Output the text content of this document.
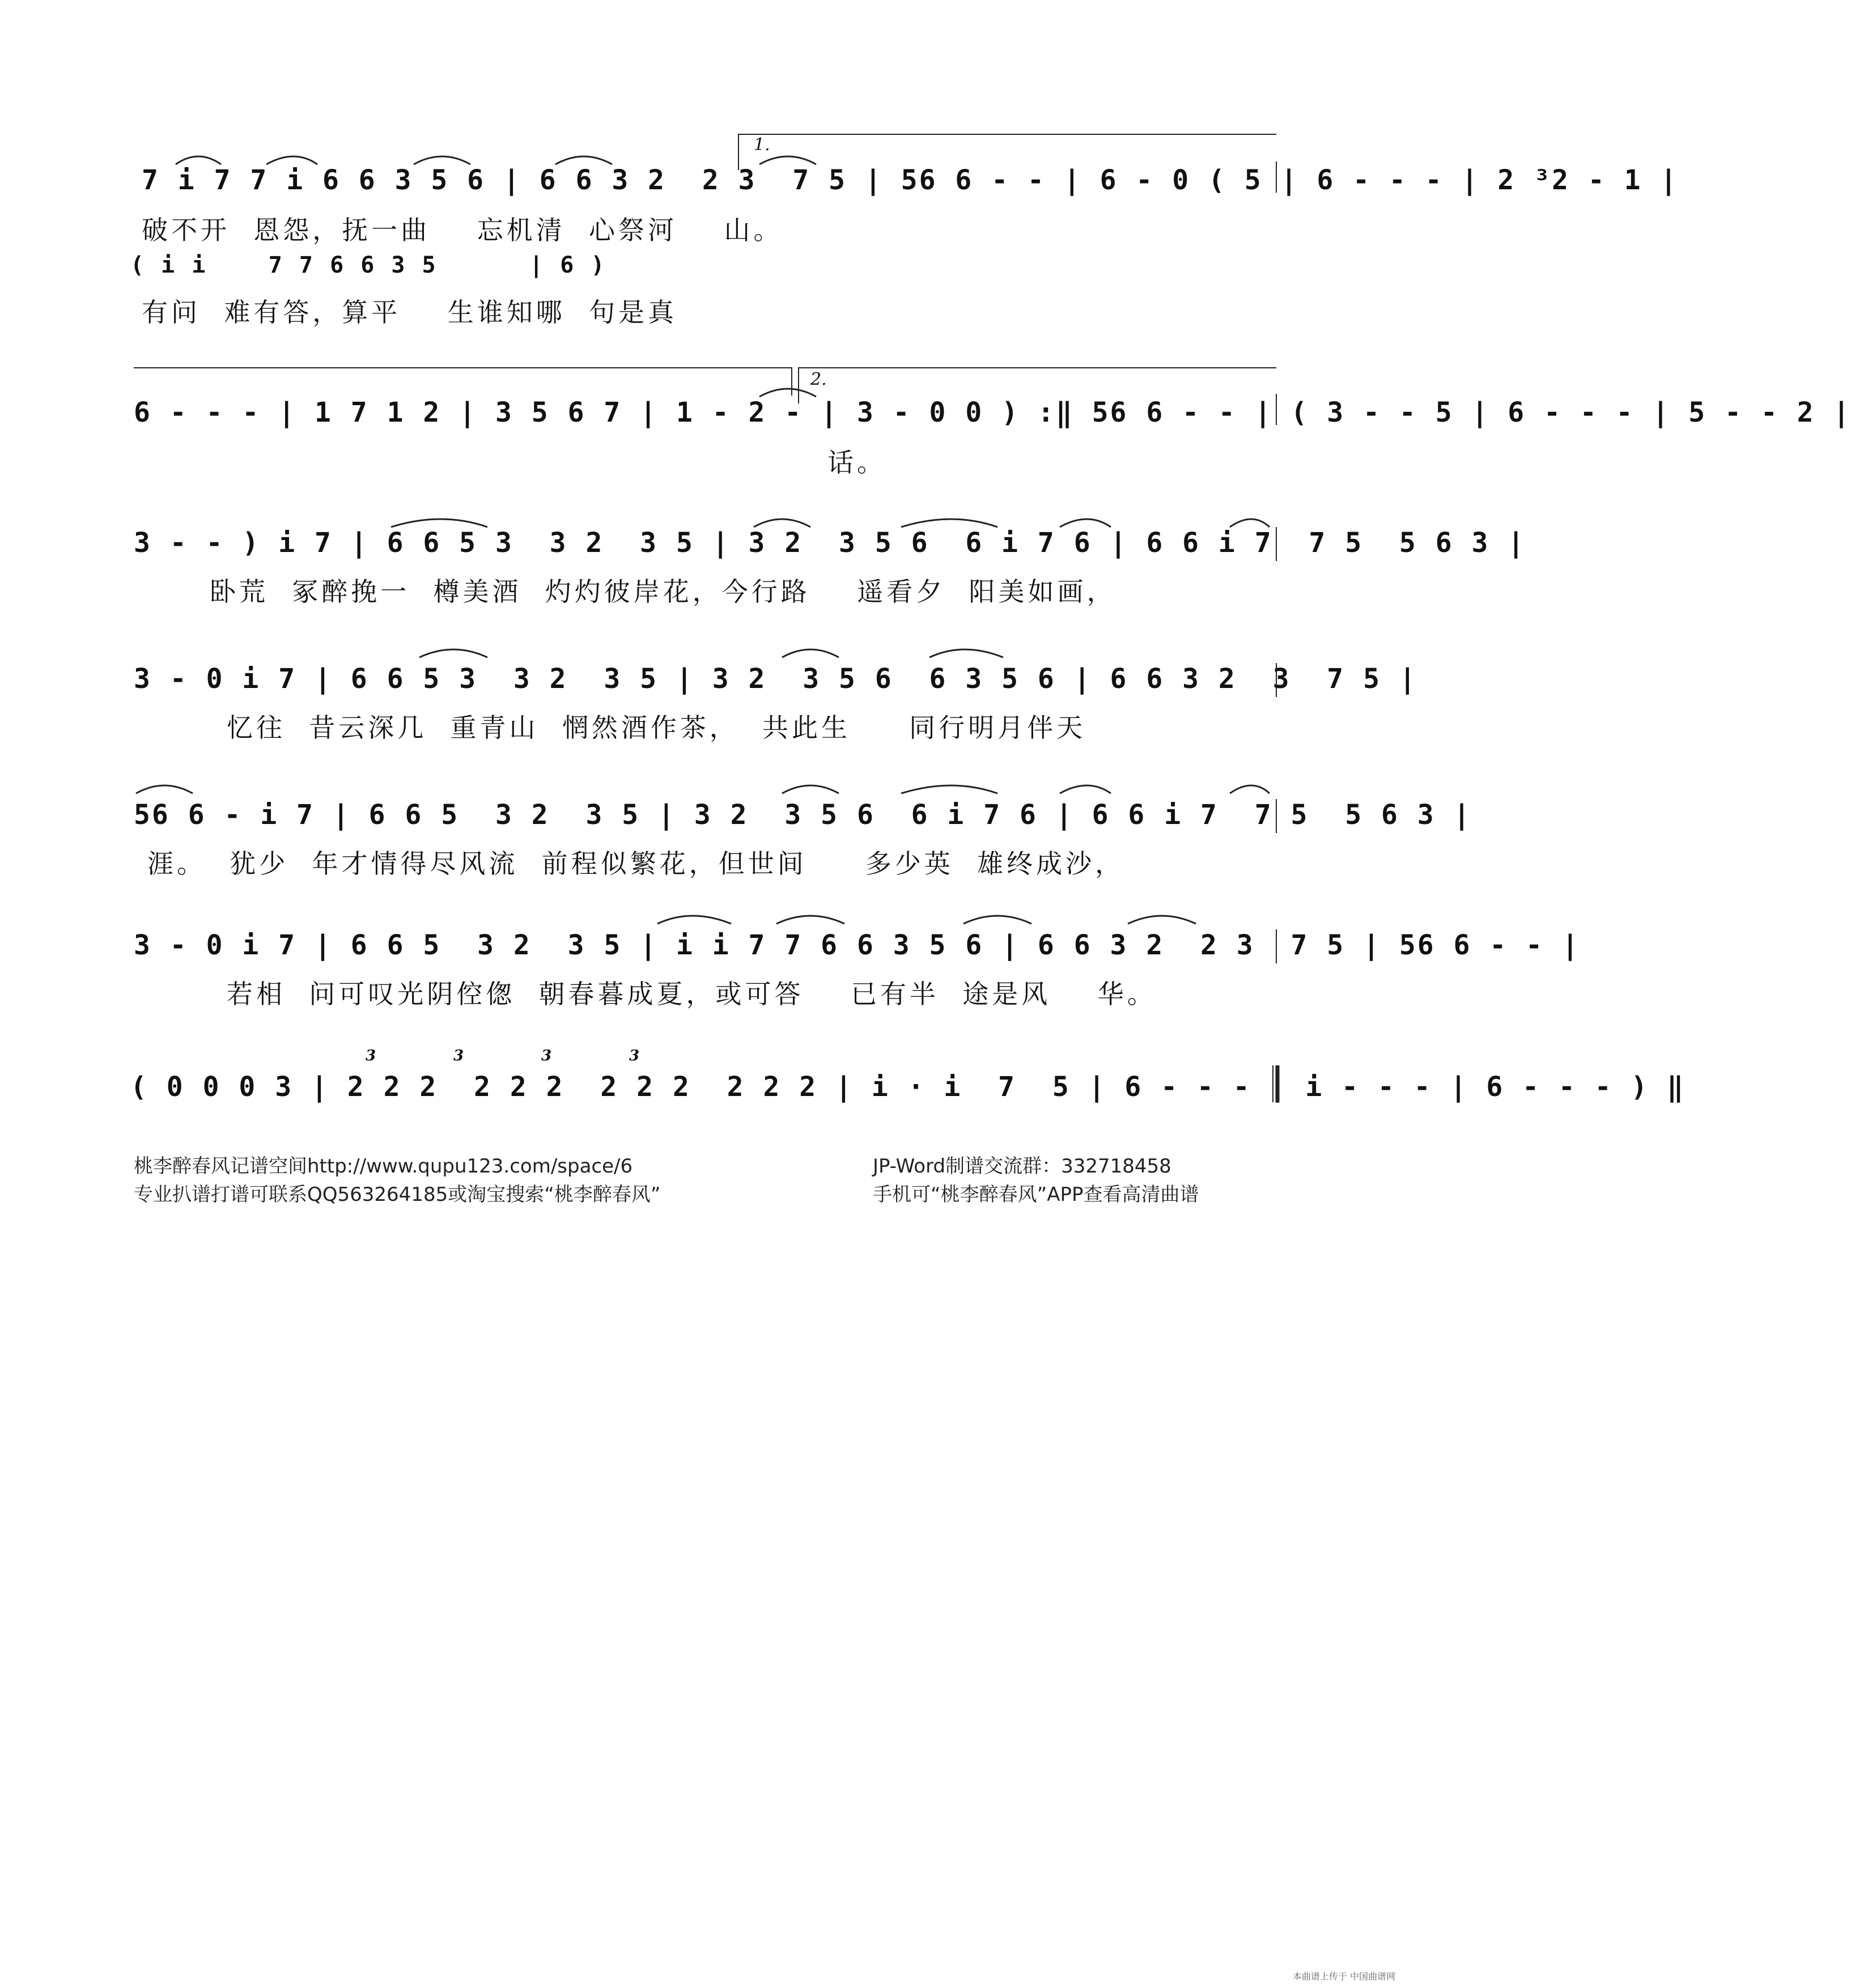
1.
7 i 7 7 i 6 6 3 5 6 | 6 6 3 2  2 3  7 5 | 56 6 - - | 6 - 0 ( 5 | 6 - - - | 2 ³2 - 1 |
破不开  恩怨，抚一曲    忘机清  心祭河    山。
( i i    7 7 6 6 3 5      | 6 )
有问  难有答，算平    生谁知哪  句是真
2.
6 - - - | 1 7 1 2 | 3 5 6 7 | 1 - 2 - | 3 - 0 0 ) :‖ 56 6 - - | ( 3 - - 5 | 6 - - - | 5 - - 2 |
话。
3 - - ) i 7 | 6 6 5 3  3 2  3 5 | 3 2  3 5 6  6 i 7 6 | 6 6 i 7  7 5  5 6 3 |
卧荒  冢醉挽一  樽美酒  灼灼彼岸花，今行路    遥看夕  阳美如画，
3 - 0 i 7 | 6 6 5 3  3 2  3 5 | 3 2  3 5 6  6 3 5 6 | 6 6 3 2  3  7 5 |
忆往  昔云深几  重青山  惘然酒作茶，  共此生     同行明月伴天
56 6 - i 7 | 6 6 5  3 2  3 5 | 3 2  3 5 6  6 i 7 6 | 6 6 i 7  7 5  5 6 3 |
涯。  犹少  年才情得尽风流  前程似繁花，但世间     多少英  雄终成沙，
3 - 0 i 7 | 6 6 5  3 2  3 5 | i i 7 7 6 6 3 5 6 | 6 6 3 2  2 3  7 5 | 56 6 - - |
若相  问可叹光阴倥偬  朝春暮成夏，或可答    已有半  途是风    华。
3	3	3	3
( 0 0 0 3 | 2 2 2  2 2 2  2 2 2  2 2 2 | i · i  7  5 | 6 - - - | i - - - | 6 - - - ) ‖
桃李醉春风记谱空间http://www.qupu123.com/space/6
专业扒谱打谱可联系QQ563264185或淘宝搜索“桃李醉春风”
JP-Word制谱交流群：332718458
手机可“桃李醉春风”APP查看高清曲谱
本曲谱上传于 中国曲谱网
